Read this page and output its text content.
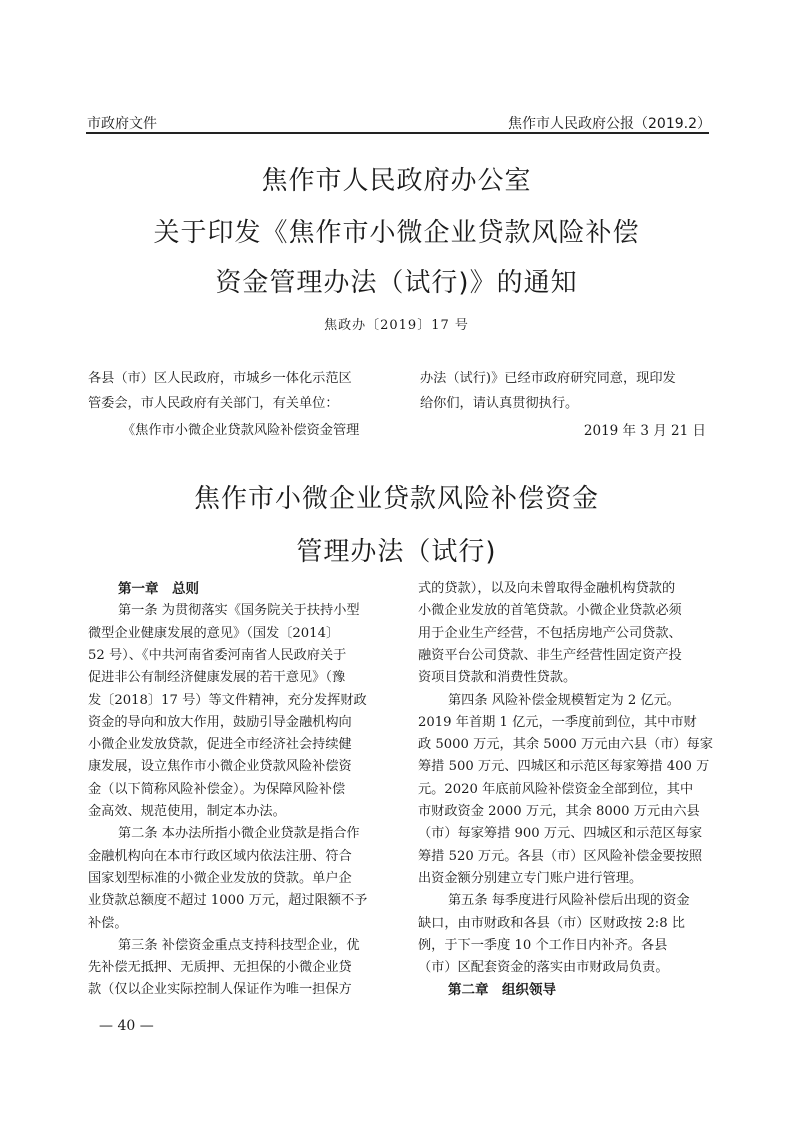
市政府文件	焦作市人民政府公报（2019.2）
焦作市人民政府办公室
关于印发《焦作市小微企业贷款风险补偿
资金管理办法（试行)》的通知
焦政办〔2019〕17 号
各县（市）区人民政府，市城乡一体化示范区
管委会，市人民政府有关部门，有关单位：
《焦作市小微企业贷款风险补偿资金管理
办法（试行)》已经市政府研究同意，现印发
给你们，请认真贯彻执行。
2019 年 3 月 21 日
焦作市小微企业贷款风险补偿资金
管理办法（试行)
第一章　总则
第一条 为贯彻落实《国务院关于扶持小型
微型企业健康发展的意见》（国发〔2014〕
52 号）、《中共河南省委河南省人民政府关于
促进非公有制经济健康发展的若干意见》（豫
发〔2018〕17 号）等文件精神，充分发挥财政
资金的导向和放大作用，鼓励引导金融机构向
小微企业发放贷款，促进全市经济社会持续健
康发展，设立焦作市小微企业贷款风险补偿资
金（以下简称风险补偿金）。为保障风险补偿
金高效、规范使用，制定本办法。
第二条 本办法所指小微企业贷款是指合作
金融机构向在本市行政区域内依法注册、符合
国家划型标准的小微企业发放的贷款。单户企
业贷款总额度不超过 1000 万元，超过限额不予
补偿。
第三条 补偿资金重点支持科技型企业，优
先补偿无抵押、无质押、无担保的小微企业贷
款（仅以企业实际控制人保证作为唯一担保方
式的贷款），以及向未曾取得金融机构贷款的
小微企业发放的首笔贷款。小微企业贷款必须
用于企业生产经营，不包括房地产公司贷款、
融资平台公司贷款、非生产经营性固定资产投
资项目贷款和消费性贷款。
第四条 风险补偿金规模暂定为 2 亿元。
2019 年首期 1 亿元，一季度前到位，其中市财
政 5000 万元，其余 5000 万元由六县（市）每家
筹措 500 万元、四城区和示范区每家筹措 400 万
元。2020 年底前风险补偿资金全部到位，其中
市财政资金 2000 万元，其余 8000 万元由六县
（市）每家筹措 900 万元、四城区和示范区每家
筹措 520 万元。各县（市）区风险补偿金要按照
出资金额分别建立专门账户进行管理。
第五条 每季度进行风险补偿后出现的资金
缺口，由市财政和各县（市）区财政按 2:8 比
例，于下一季度 10 个工作日内补齐。各县
（市）区配套资金的落实由市财政局负责。
第二章　组织领导
— 40 —
